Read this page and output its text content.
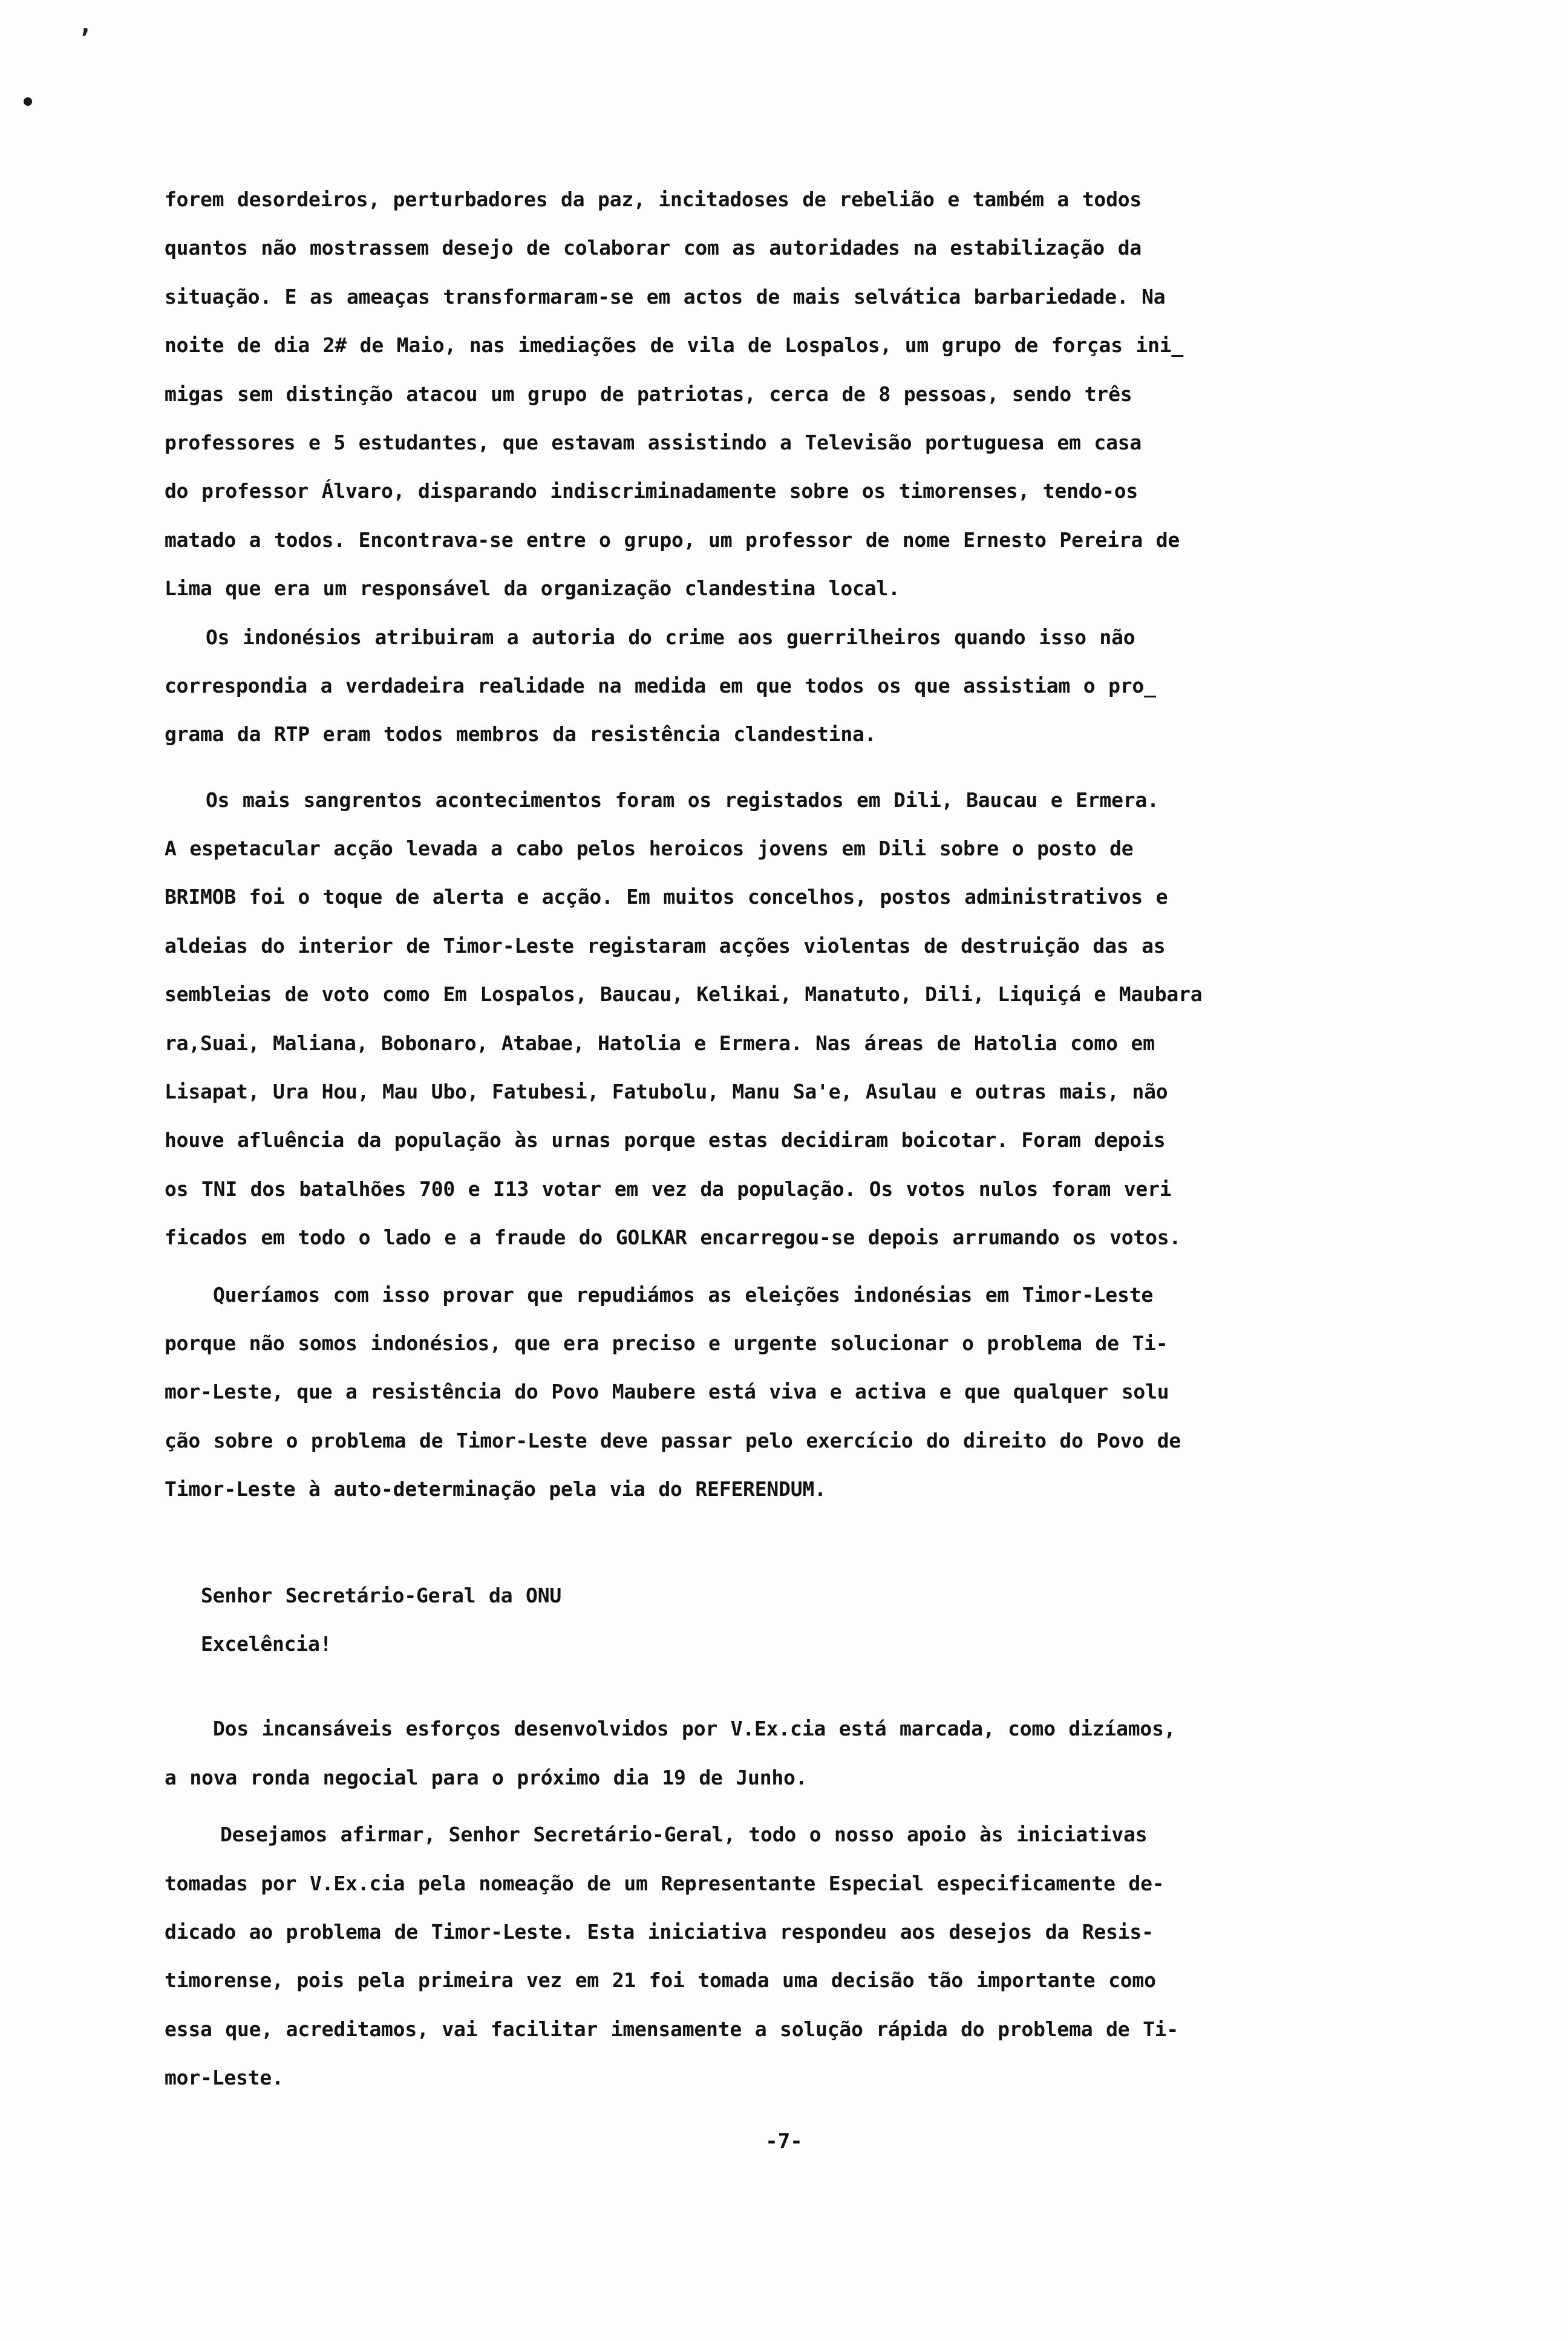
’
•
forem desordeiros, perturbadores da paz, incitadoses de rebelião e também a todos
quantos não mostrassem desejo de colaborar com as autoridades na estabilização da
situação. E as ameaças transformaram-se em actos de mais selvática barbariedade. Na
noite de dia 2# de Maio, nas imediações de vila de Lospalos, um grupo de forças ini_
migas sem distinção atacou um grupo de patriotas, cerca de 8 pessoas, sendo três
professores e 5 estudantes, que estavam assistindo a Televisão portuguesa em casa
do professor Álvaro, disparando indiscriminadamente sobre os timorenses, tendo-os
matado a todos. Encontrava-se entre o grupo, um professor de nome Ernesto Pereira de
Lima que era um responsável da organização clandestina local.
Os indonésios atribuiram a autoria do crime aos guerrilheiros quando isso não
correspondia a verdadeira realidade na medida em que todos os que assistiam o pro_
grama da RTP eram todos membros da resistência clandestina.
Os mais sangrentos acontecimentos foram os registados em Dili, Baucau e Ermera.
A espetacular acção levada a cabo pelos heroicos jovens em Dili sobre o posto de
BRIMOB foi o toque de alerta e acção. Em muitos concelhos, postos administrativos e
aldeias do interior de Timor-Leste registaram acções violentas de destruição das as
sembleias de voto como Em Lospalos, Baucau, Kelikai, Manatuto, Dili, Liquiçá e Maubara
ra,Suai, Maliana, Bobonaro, Atabae, Hatolia e Ermera. Nas áreas de Hatolia como em
Lisapat, Ura Hou, Mau Ubo, Fatubesi, Fatubolu, Manu Sa'e, Asulau e outras mais, não
houve afluência da população às urnas porque estas decidiram boicotar. Foram depois
os TNI dos batalhões 700 e I13 votar em vez da população. Os votos nulos foram veri
ficados em todo o lado e a fraude do GOLKAR encarregou-se depois arrumando os votos.
Queríamos com isso provar que repudiámos as eleições indonésias em Timor-Leste
porque não somos indonésios, que era preciso e urgente solucionar o problema de Ti-
mor-Leste, que a resistência do Povo Maubere está viva e activa e que qualquer solu
ção sobre o problema de Timor-Leste deve passar pelo exercício do direito do Povo de
Timor-Leste à auto-determinação pela via do REFERENDUM.
Senhor Secretário-Geral da ONU
Excelência!
Dos incansáveis esforços desenvolvidos por V.Ex.cia está marcada, como dizíamos,
a nova ronda negocial para o próximo dia 19 de Junho.
Desejamos afirmar, Senhor Secretário-Geral, todo o nosso apoio às iniciativas
tomadas por V.Ex.cia pela nomeação de um Representante Especial especificamente de-
dicado ao problema de Timor-Leste. Esta iniciativa respondeu aos desejos da Resis-
timorense, pois pela primeira vez em 21 foi tomada uma decisão tão importante como
essa que, acreditamos, vai facilitar imensamente a solução rápida do problema de Ti-
mor-Leste.
-7-
